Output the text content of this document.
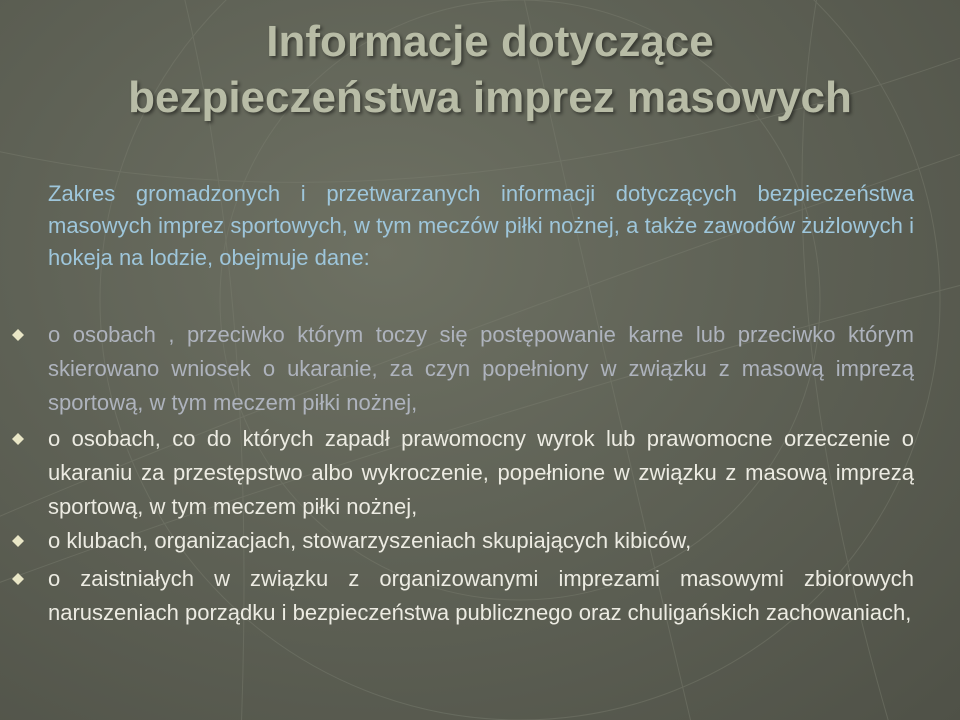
Informacje dotyczące
bezpieczeństwa imprez masowych
Zakres gromadzonych i przetwarzanych informacji dotyczących bezpieczeństwa masowych imprez sportowych, w tym meczów piłki nożnej, a także zawodów żużlowych i hokeja na lodzie, obejmuje dane:
o osobach , przeciwko którym toczy się postępowanie karne lub przeciwko którym skierowano wniosek o ukaranie, za czyn popełniony w związku z masową imprezą sportową, w tym meczem piłki nożnej,
o osobach, co do których zapadł prawomocny wyrok lub prawomocne orzeczenie o ukaraniu za przestępstwo albo wykroczenie, popełnione w związku z masową imprezą sportową, w tym meczem piłki nożnej,
o klubach, organizacjach, stowarzyszeniach skupiających kibiców,
o zaistniałych w związku z organizowanymi imprezami masowymi zbiorowych naruszeniach porządku i bezpieczeństwa publicznego oraz chuligańskich zachowaniach,
